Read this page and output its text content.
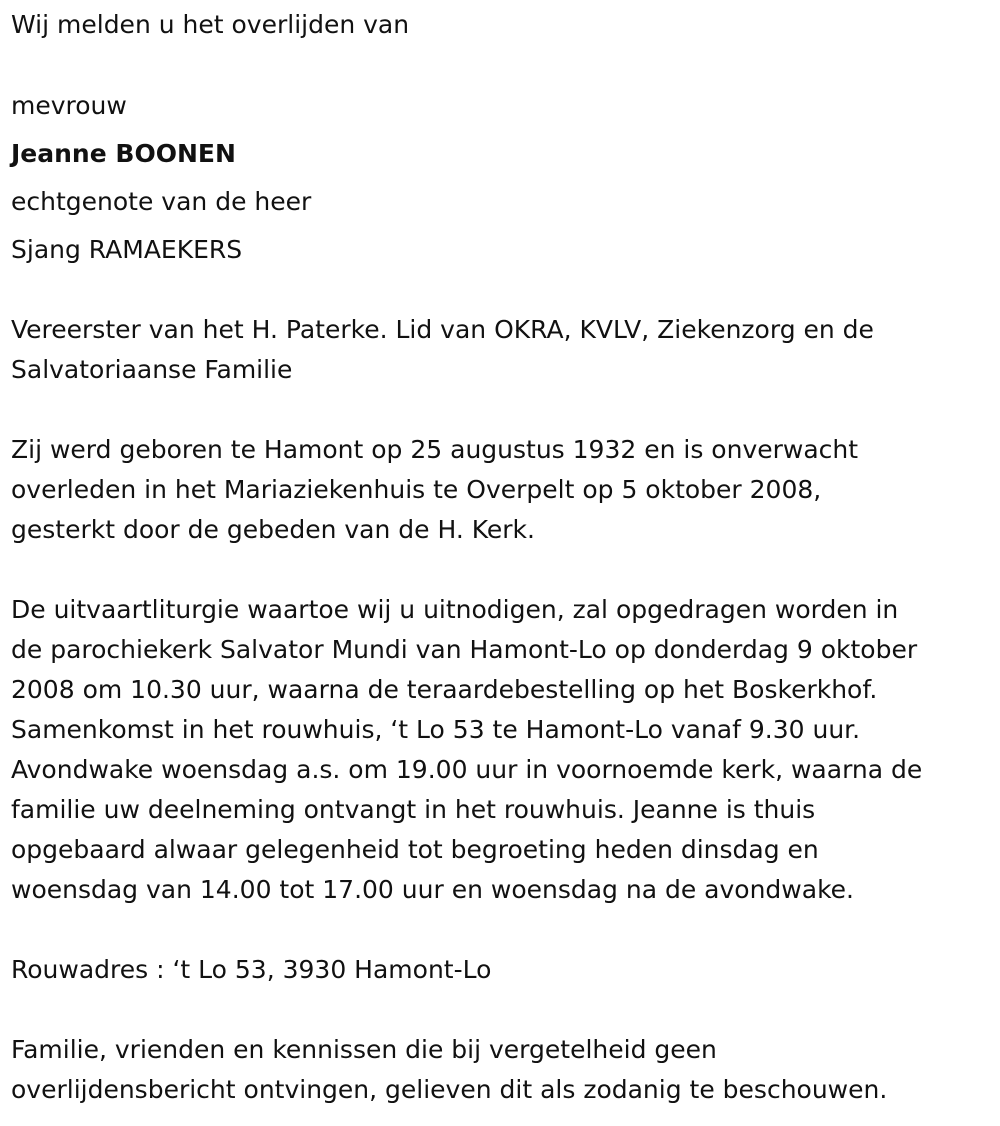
Wij melden u het overlijden van

mevrouw

Jeanne BOONEN

echtgenote van de heer

Sjang RAMAEKERS

Vereerster van het H. Paterke. Lid van OKRA, KVLV, Ziekenzorg en de

Salvatoriaanse Familie

Zij werd geboren te Hamont op 25 augustus 1932 en is onverwacht

overleden in het Mariaziekenhuis te Overpelt op 5 oktober 2008,

gesterkt door de gebeden van de H. Kerk.

De uitvaartliturgie waartoe wij u uitnodigen, zal opgedragen worden in

de parochiekerk Salvator Mundi van Hamont-Lo op donderdag 9 oktober

2008 om 10.30 uur, waarna de teraardebestelling op het Boskerkhof.

Samenkomst in het rouwhuis, ‘t Lo 53 te Hamont-Lo vanaf 9.30 uur.

Avondwake woensdag a.s. om 19.00 uur in voornoemde kerk, waarna de

familie uw deelneming ontvangt in het rouwhuis. Jeanne is thuis

opgebaard alwaar gelegenheid tot begroeting heden dinsdag en

woensdag van 14.00 tot 17.00 uur en woensdag na de avondwake.

Rouwadres : ‘t Lo 53, 3930 Hamont-Lo

Familie, vrienden en kennissen die bij vergetelheid geen

overlijdensbericht ontvingen, gelieven dit als zodanig te beschouwen.
